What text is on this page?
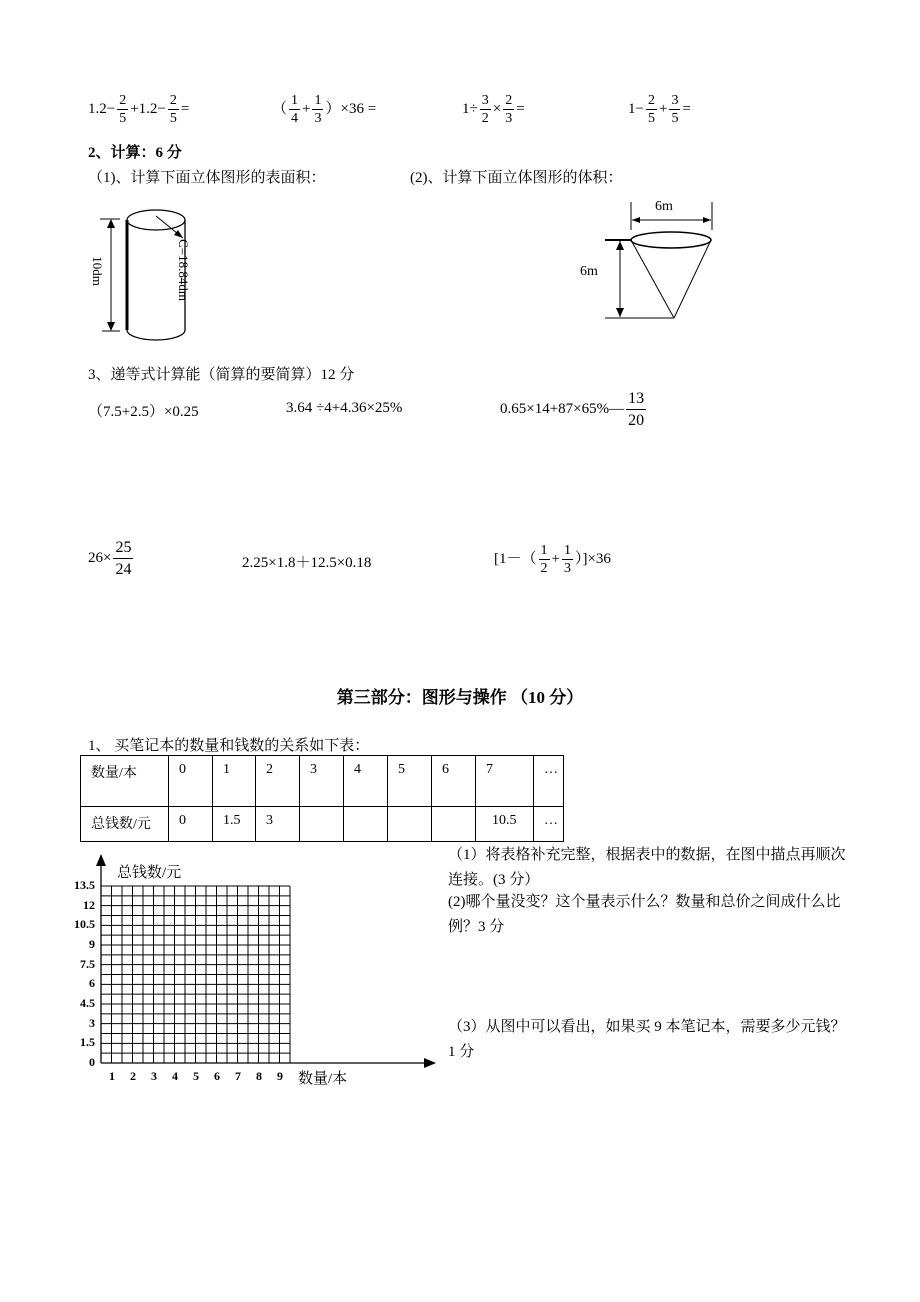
$1.2- \frac{2}{5} +1.2- \frac{2}{5}$ =	（ $\frac{1}{4} + \frac{1}{3} )\times 36$ =	$1\div \frac{3}{2} \times \frac{2}{3}$ =	$1- \frac{2}{5} + \frac{3}{5}$ =
2、计算：6 分
（1)、计算下面立体图形的表面积：	(2)、计算下面立体图形的体积：
10dm	C=18.84dm
6m
6m
3、递等式计算能（简算的要简算）12 分
（7.5+2.5）×0.25	3.64 ÷4+4.36×25%	0.65×14+87×65%— $\frac{13}{20}$
$26\times \frac{25}{24}$	2.25×1.8＋12.5×0.18	$[1-( \frac{1}{2} + \frac{1}{3} )]\times 36$
第三部分：图形与操作 （10 分）
1、 买笔记本的数量和钱数的关系如下表：
数量/本	0	1	2	3	4	5	6	7	…
总钱数/元	0	1.5	3					10.5	…
总钱数/元
数量/本
13.5
12
10.5
9
7.5
6
4.5
3
1.5
0
1	2	3	4	5	6	7	8	9
（1）将表格补充完整，根据表中的数据，在图中描点再顺次连接。(3 分）
(2)哪个量没变？这个量表示什么？数量和总价之间成什么比例？3 分
（3）从图中可以看出，如果买 9 本笔记本，需要多少元钱？1 分
